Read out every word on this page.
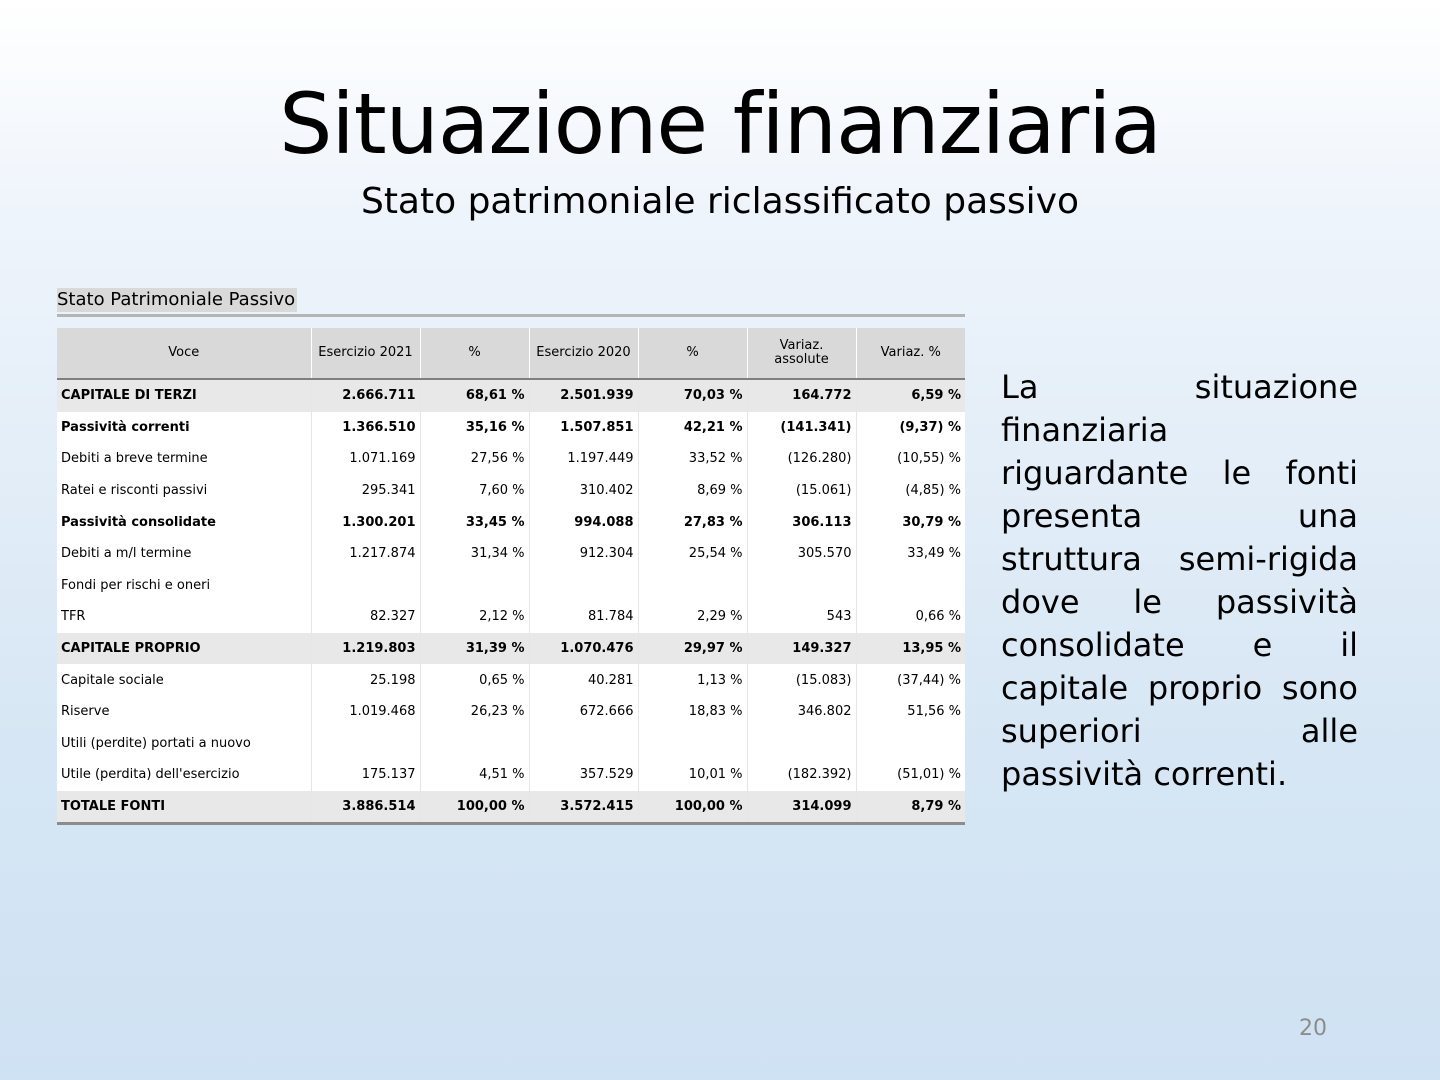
Situazione finanziaria
Stato patrimoniale riclassificato passivo
Stato Patrimoniale Passivo
Voce	Esercizio 2021	%	Esercizio 2020	%	Variaz. assolute	Variaz. %
CAPITALE DI TERZI	2.666.711	68,61 %	2.501.939	70,03 %	164.772	6,59 %
Passività correnti	1.366.510	35,16 %	1.507.851	42,21 %	(141.341)	(9,37) %
Debiti a breve termine	1.071.169	27,56 %	1.197.449	33,52 %	(126.280)	(10,55) %
Ratei e risconti passivi	295.341	7,60 %	310.402	8,69 %	(15.061)	(4,85) %
Passività consolidate	1.300.201	33,45 %	994.088	27,83 %	306.113	30,79 %
Debiti a m/l termine	1.217.874	31,34 %	912.304	25,54 %	305.570	33,49 %
Fondi per rischi e oneri						
TFR	82.327	2,12 %	81.784	2,29 %	543	0,66 %
CAPITALE PROPRIO	1.219.803	31,39 %	1.070.476	29,97 %	149.327	13,95 %
Capitale sociale	25.198	0,65 %	40.281	1,13 %	(15.083)	(37,44) %
Riserve	1.019.468	26,23 %	672.666	18,83 %	346.802	51,56 %
Utili (perdite) portati a nuovo						
Utile (perdita) dell'esercizio	175.137	4,51 %	357.529	10,01 %	(182.392)	(51,01) %
TOTALE FONTI	3.886.514	100,00 %	3.572.415	100,00 %	314.099	8,79 %
La situazione finanziaria riguardante le fonti presenta una struttura semi-rigida dove le passività consolidate e il capitale proprio sono superiori alle passività correnti.
20
